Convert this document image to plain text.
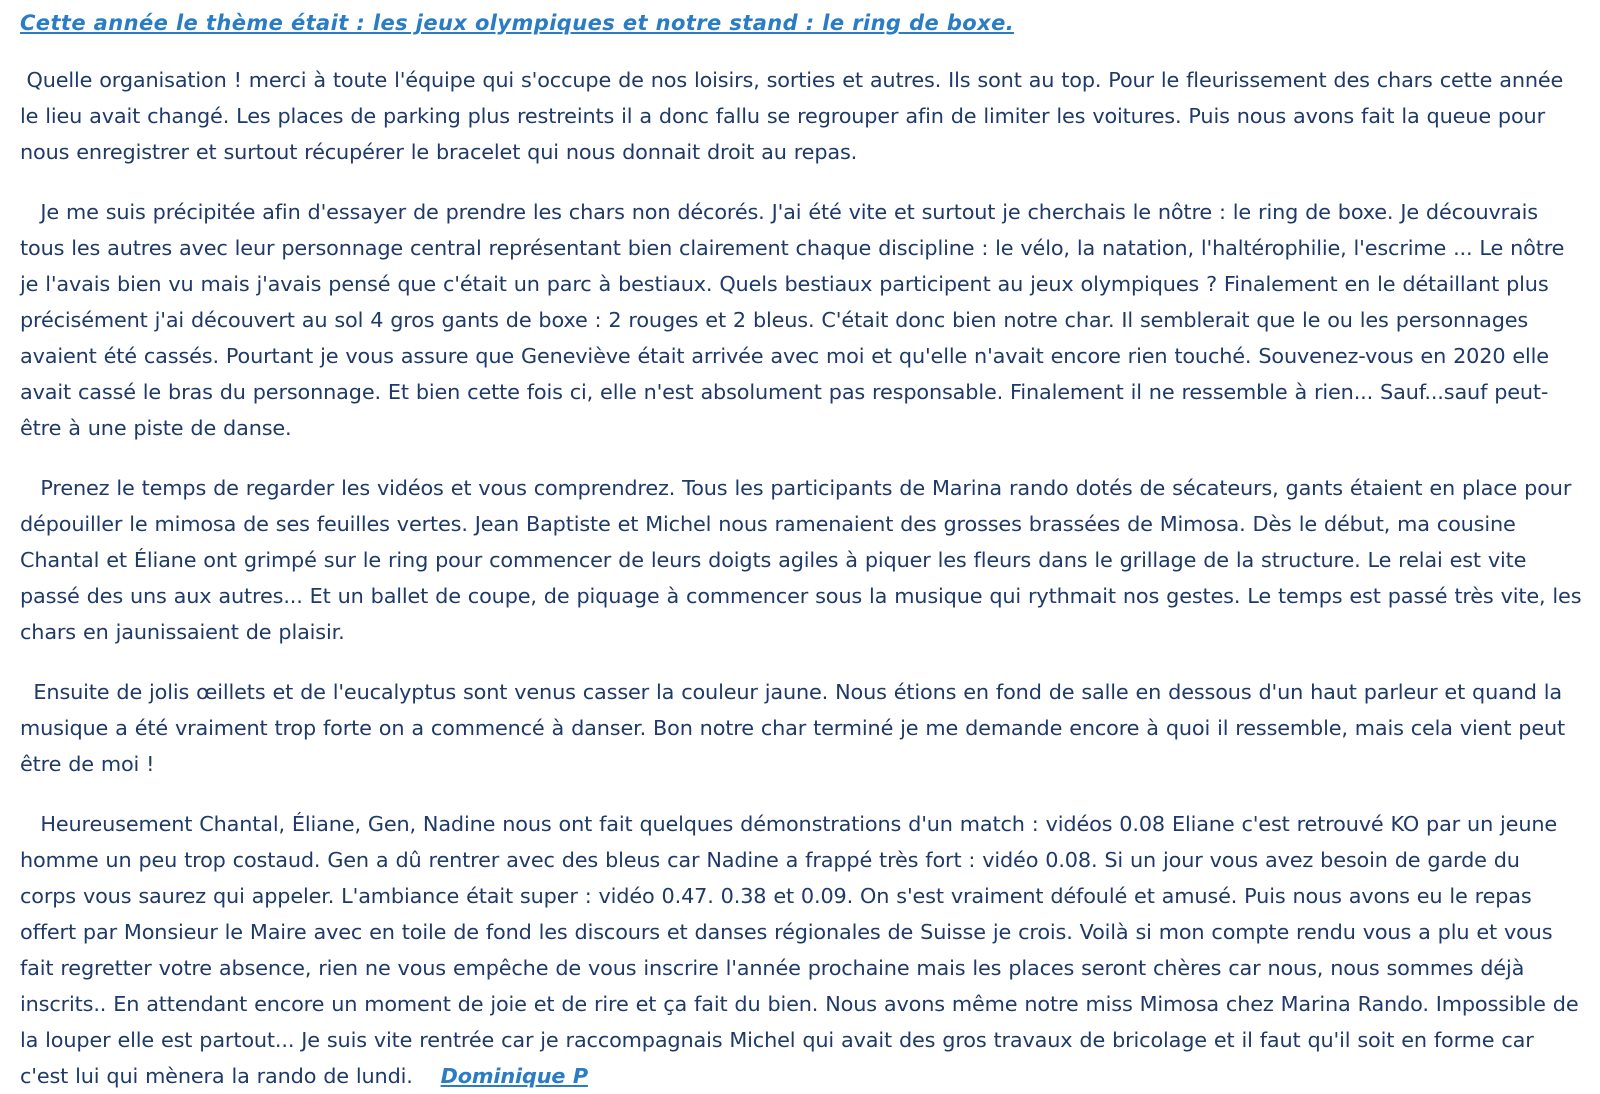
Cette année le thème était : les jeux olympiques et notre stand : le ring de boxe.

Quelle organisation ! merci à toute l'équipe qui s'occupe de nos loisirs, sorties et autres. Ils sont au top. Pour le fleurissement des chars cette année le lieu avait changé. Les places de parking plus restreints il a donc fallu se regrouper afin de limiter les voitures. Puis nous avons fait la queue pour nous enregistrer et surtout récupérer le bracelet qui nous donnait droit au repas.

Je me suis précipitée afin d'essayer de prendre les chars non décorés. J'ai été vite et surtout je cherchais le nôtre : le ring de boxe. Je découvrais tous les autres avec leur personnage central représentant bien clairement chaque discipline : le vélo, la natation, l'haltérophilie, l'escrime ... Le nôtre je l'avais bien vu mais j'avais pensé que c'était un parc à bestiaux. Quels bestiaux participent au jeux olympiques ? Finalement en le détaillant plus précisément j'ai découvert au sol 4 gros gants de boxe : 2 rouges et 2 bleus. C'était donc bien notre char. Il semblerait que le ou les personnages avaient été cassés. Pourtant je vous assure que Geneviève était arrivée avec moi et qu'elle n'avait encore rien touché. Souvenez-vous en 2020 elle avait cassé le bras du personnage. Et bien cette fois ci, elle n'est absolument pas responsable. Finalement il ne ressemble à rien... Sauf...sauf peut-être à une piste de danse.

Prenez le temps de regarder les vidéos et vous comprendrez. Tous les participants de Marina rando dotés de sécateurs, gants étaient en place pour dépouiller le mimosa de ses feuilles vertes. Jean Baptiste et Michel nous ramenaient des grosses brassées de Mimosa. Dès le début, ma cousine Chantal et Éliane ont grimpé sur le ring pour commencer de leurs doigts agiles à piquer les fleurs dans le grillage de la structure. Le relai est vite passé des uns aux autres... Et un ballet de coupe, de piquage à commencer sous la musique qui rythmait nos gestes. Le temps est passé très vite, les chars en jaunissaient de plaisir.

Ensuite de jolis œillets et de l'eucalyptus sont venus casser la couleur jaune. Nous étions en fond de salle en dessous d'un haut parleur et quand la musique a été vraiment trop forte on a commencé à danser. Bon notre char terminé je me demande encore à quoi il ressemble, mais cela vient peut être de moi !

Heureusement Chantal, Éliane, Gen, Nadine nous ont fait quelques démonstrations d'un match : vidéos 0.08 Eliane c'est retrouvé KO par un jeune homme un peu trop costaud. Gen a dû rentrer avec des bleus car Nadine a frappé très fort : vidéo 0.08. Si un jour vous avez besoin de garde du corps vous saurez qui appeler. L'ambiance était super : vidéo 0.47. 0.38 et 0.09. On s'est vraiment défoulé et amusé. Puis nous avons eu le repas offert par Monsieur le Maire avec en toile de fond les discours et danses régionales de Suisse je crois. Voilà si mon compte rendu vous a plu et vous fait regretter votre absence, rien ne vous empêche de vous inscrire l'année prochaine mais les places seront chères car nous, nous sommes déjà inscrits.. En attendant encore un moment de joie et de rire et ça fait du bien. Nous avons même notre miss Mimosa chez Marina Rando. Impossible de la louper elle est partout... Je suis vite rentrée car je raccompagnais Michel qui avait des gros travaux de bricolage et il faut qu'il soit en forme car c'est lui qui mènera la rando de lundi. Dominique P
